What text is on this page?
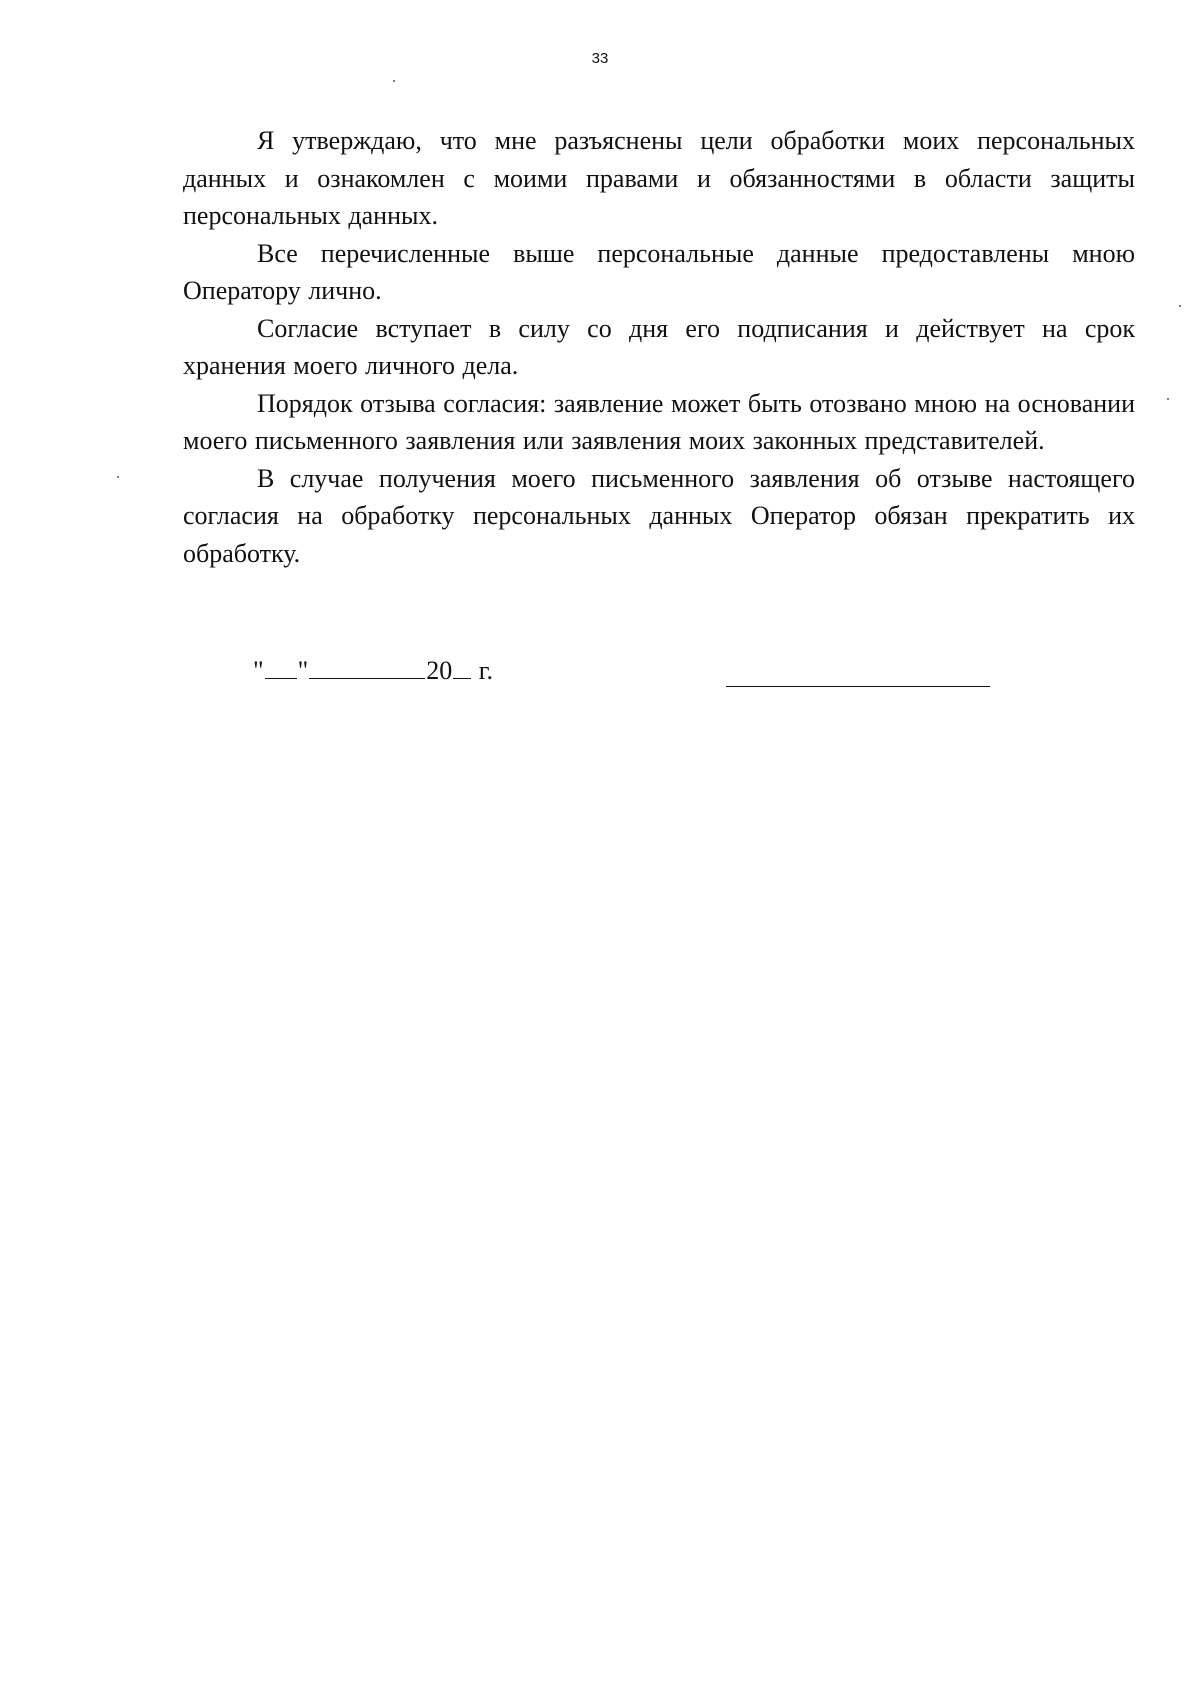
33

Я утверждаю, что мне разъяснены цели обработки моих персональных данных и ознакомлен с моими правами и обязанностями в области защиты персональных данных.

Все перечисленные выше персональные данные предоставлены мною Оператору лично.

Согласие вступает в силу со дня его подписания и действует на срок хранения моего личного дела.

Порядок отзыва согласия: заявление может быть отозвано мною на основании моего письменного заявления или заявления моих законных представителей.

В случае получения моего письменного заявления об отзыве настоящего согласия на обработку персональных данных Оператор обязан прекратить их обработку.

" "	20 г.
